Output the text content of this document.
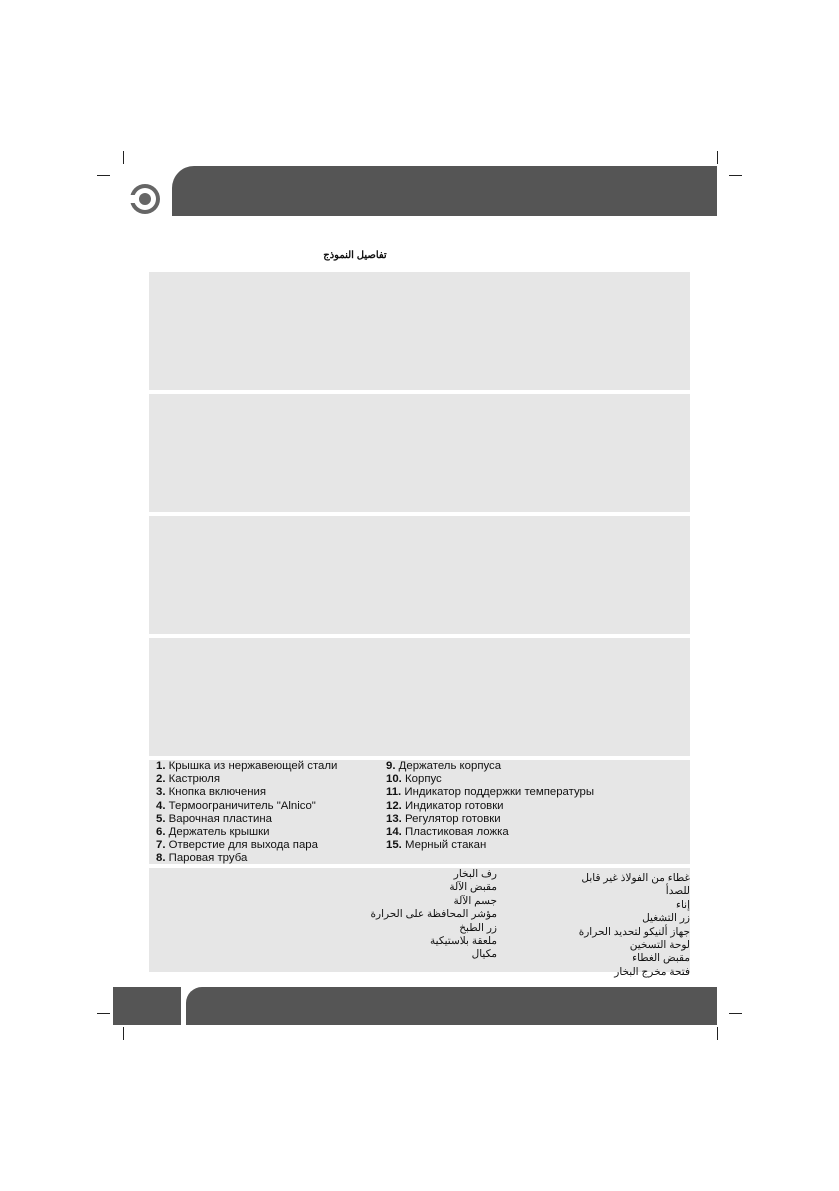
تفاصيل النموذج
1. Крышка из нержавеющей стали
2. Кастрюля
3. Кнопка включения
4. Термоограничитель "Alnico"
5. Варочная пластина
6. Держатель крышки
7. Отверстие для выхода пара
8. Паровая труба
9. Держатель корпуса
10. Корпус
11. Индикатор поддержки температуры
12. Индикатор готовки
13. Регулятор готовки
14. Пластиковая ложка
15. Мерный стакан
غطاء من الفولاذ غير قابل
للصدأ
إناء
زر التشغيل
جهاز ألنيكو لتحديد الحرارة
لوحة التسخين
مقبض الغطاء
فتحة مخرج البخار
رف البخار
مقبض الآلة
جسم الآلة
مؤشر المحافظة على الحرارة
زر الطبخ
ملعقة بلاستيكية
مكيال
